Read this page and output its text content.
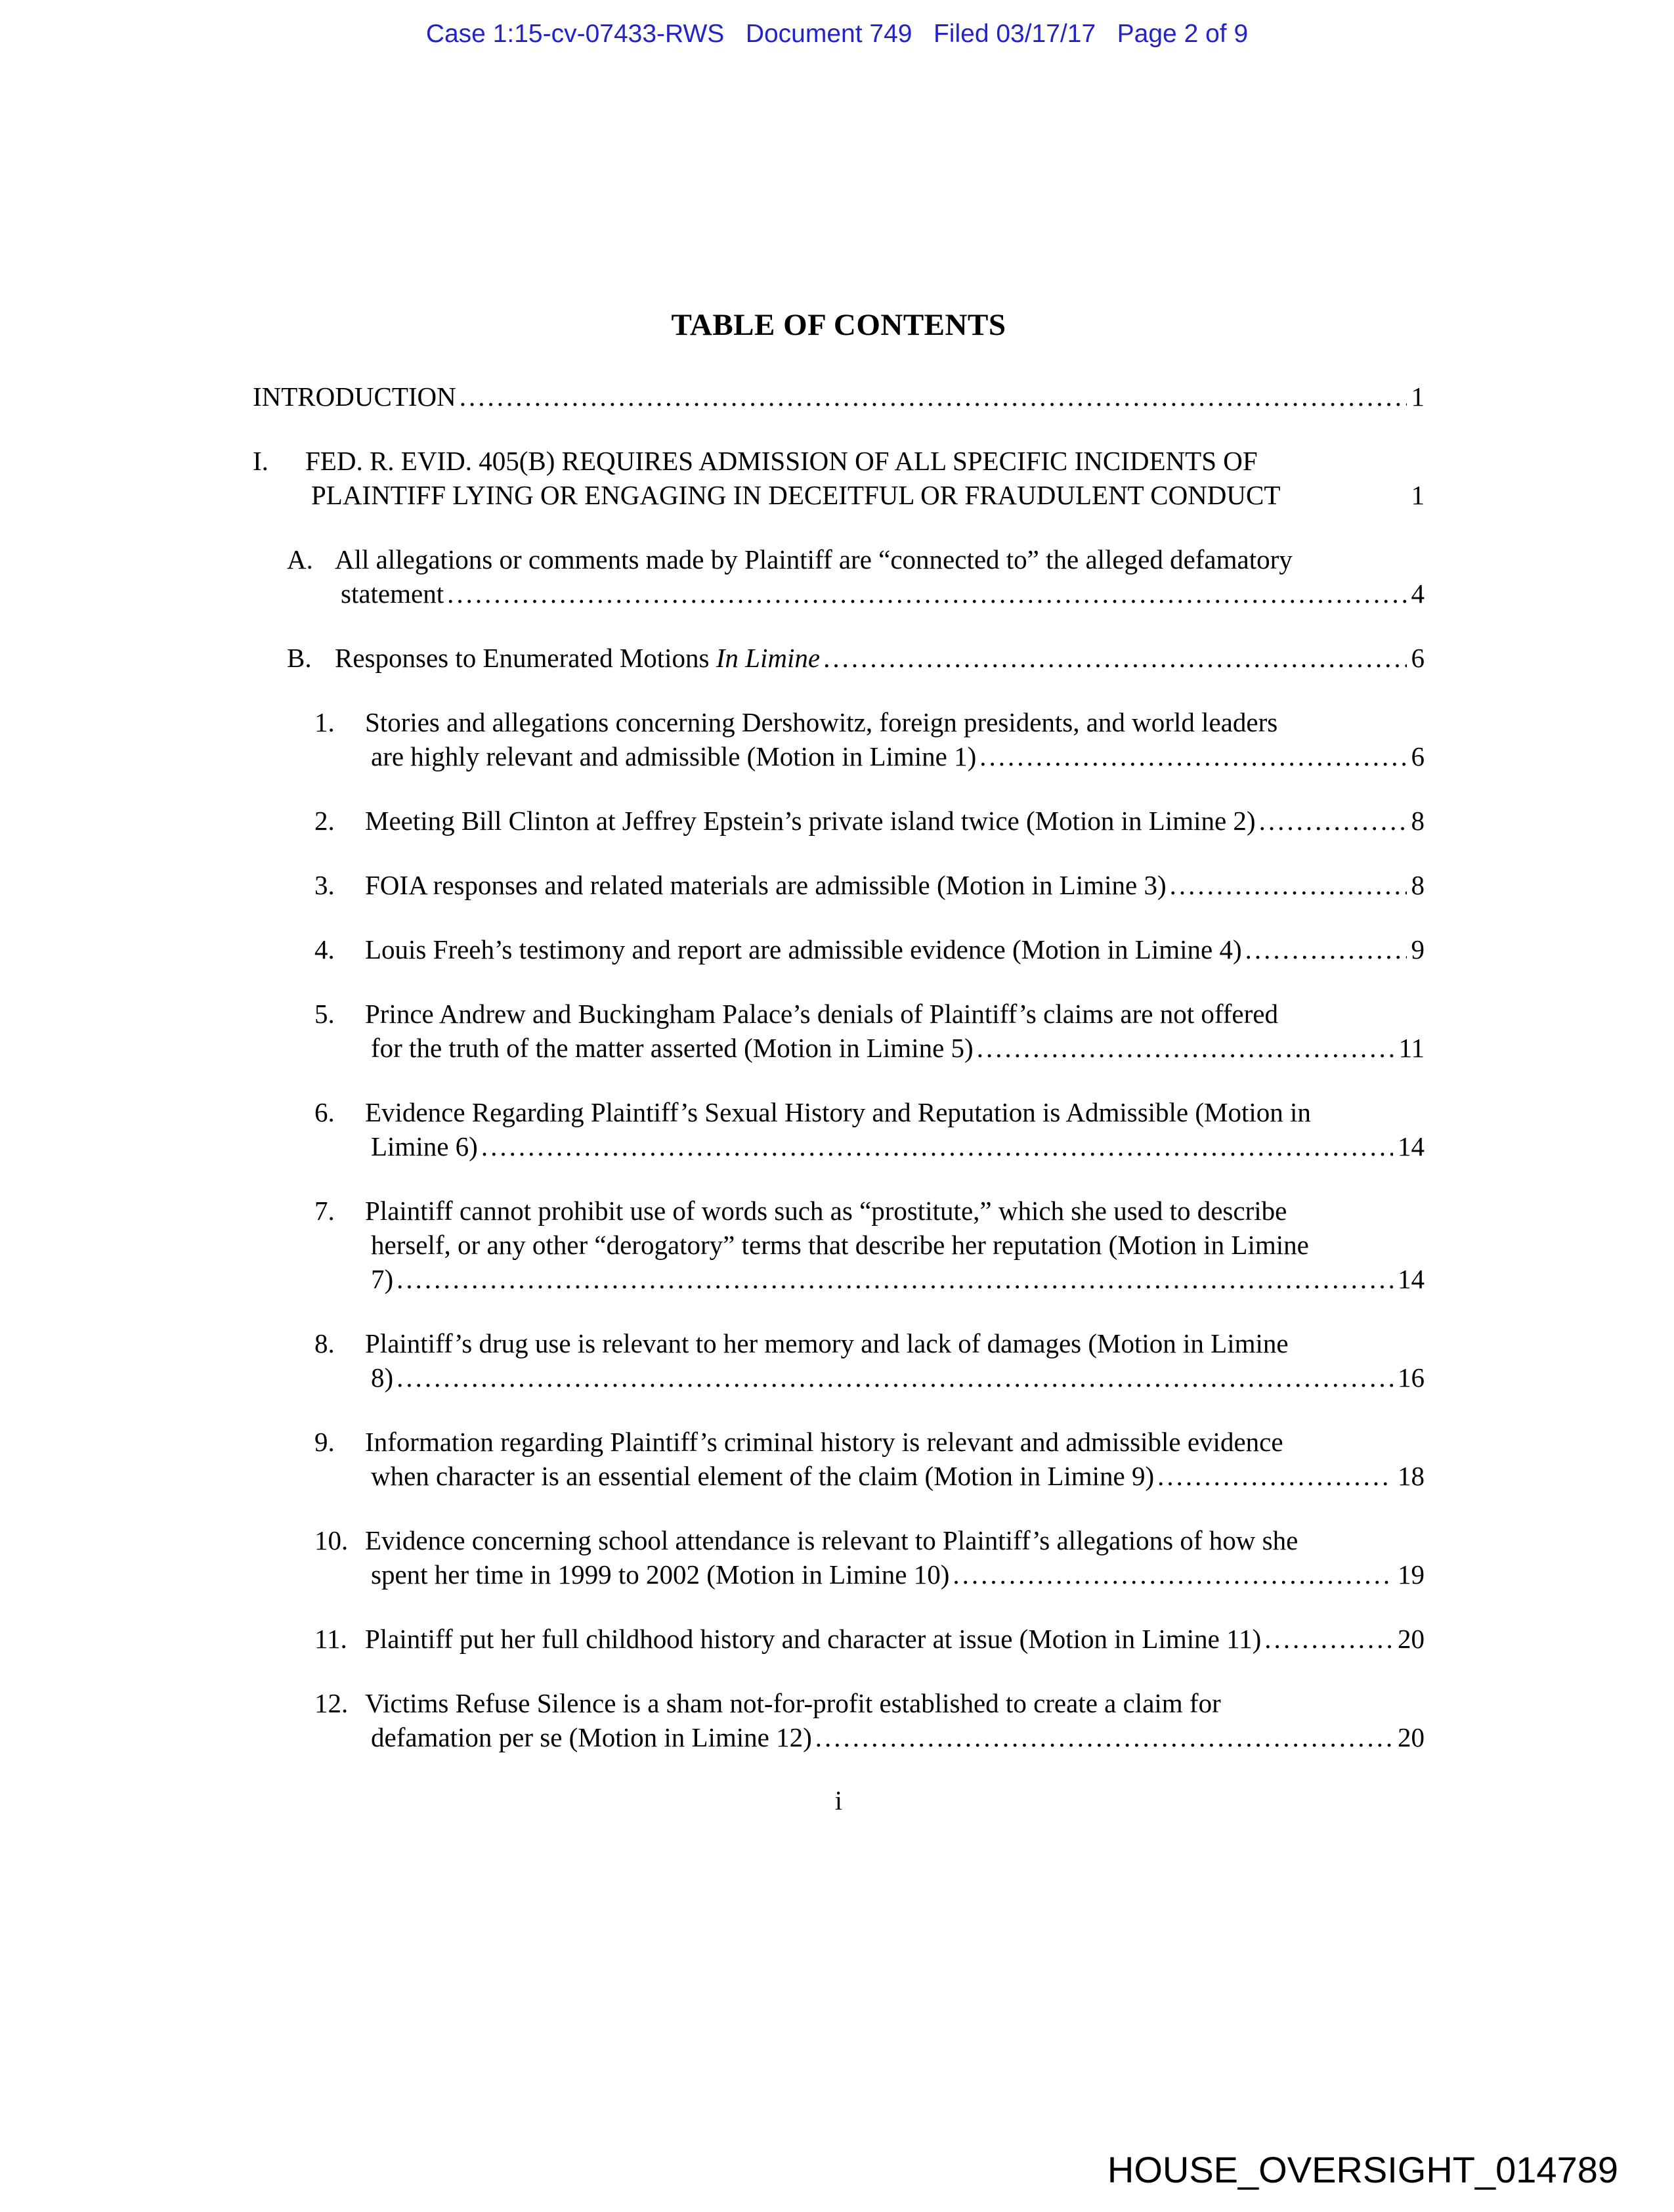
Case 1:15-cv-07433-RWS   Document 749   Filed 03/17/17   Page 2 of 9
TABLE OF CONTENTS
INTRODUCTION .....	1
I.	FED. R. EVID. 405(B) REQUIRES ADMISSION OF ALL SPECIFIC INCIDENTS OF
PLAINTIFF LYING OR ENGAGING IN DECEITFUL OR FRAUDULENT CONDUCT	1
A. All allegations or comments made by Plaintiff are “connected to” the alleged defamatory
statement .....	4
B. Responses to Enumerated Motions In Limine .....	6
1.	Stories and allegations concerning Dershowitz, foreign presidents, and world leaders
are highly relevant and admissible (Motion in Limine 1) .....	6
2.	Meeting Bill Clinton at Jeffrey Epstein’s private island twice (Motion in Limine 2) .....	8
3.	FOIA responses and related materials are admissible (Motion in Limine 3) .....	8
4.	Louis Freeh’s testimony and report are admissible evidence (Motion in Limine 4) .....	9
5.	Prince Andrew and Buckingham Palace’s denials of Plaintiff’s claims are not offered
for the truth of the matter asserted (Motion in Limine 5) .....	11
6.	Evidence Regarding Plaintiff’s Sexual History and Reputation is Admissible (Motion in
Limine 6) .....	14
7.	Plaintiff cannot prohibit use of words such as “prostitute,” which she used to describe
herself, or any other “derogatory” terms that describe her reputation (Motion in Limine
7) .....	14
8.	Plaintiff’s drug use is relevant to her memory and lack of damages (Motion in Limine
8) .....	16
9.	Information regarding Plaintiff’s criminal history is relevant and admissible evidence
when character is an essential element of the claim (Motion in Limine 9) .....	18
10. Evidence concerning school attendance is relevant to Plaintiff’s allegations of how she
spent her time in 1999 to 2002 (Motion in Limine 10) .....	19
11. Plaintiff put her full childhood history and character at issue (Motion in Limine 11) .....	20
12. Victims Refuse Silence is a sham not-for-profit established to create a claim for
defamation per se (Motion in Limine 12) .....	20
i
HOUSE_OVERSIGHT_014789
